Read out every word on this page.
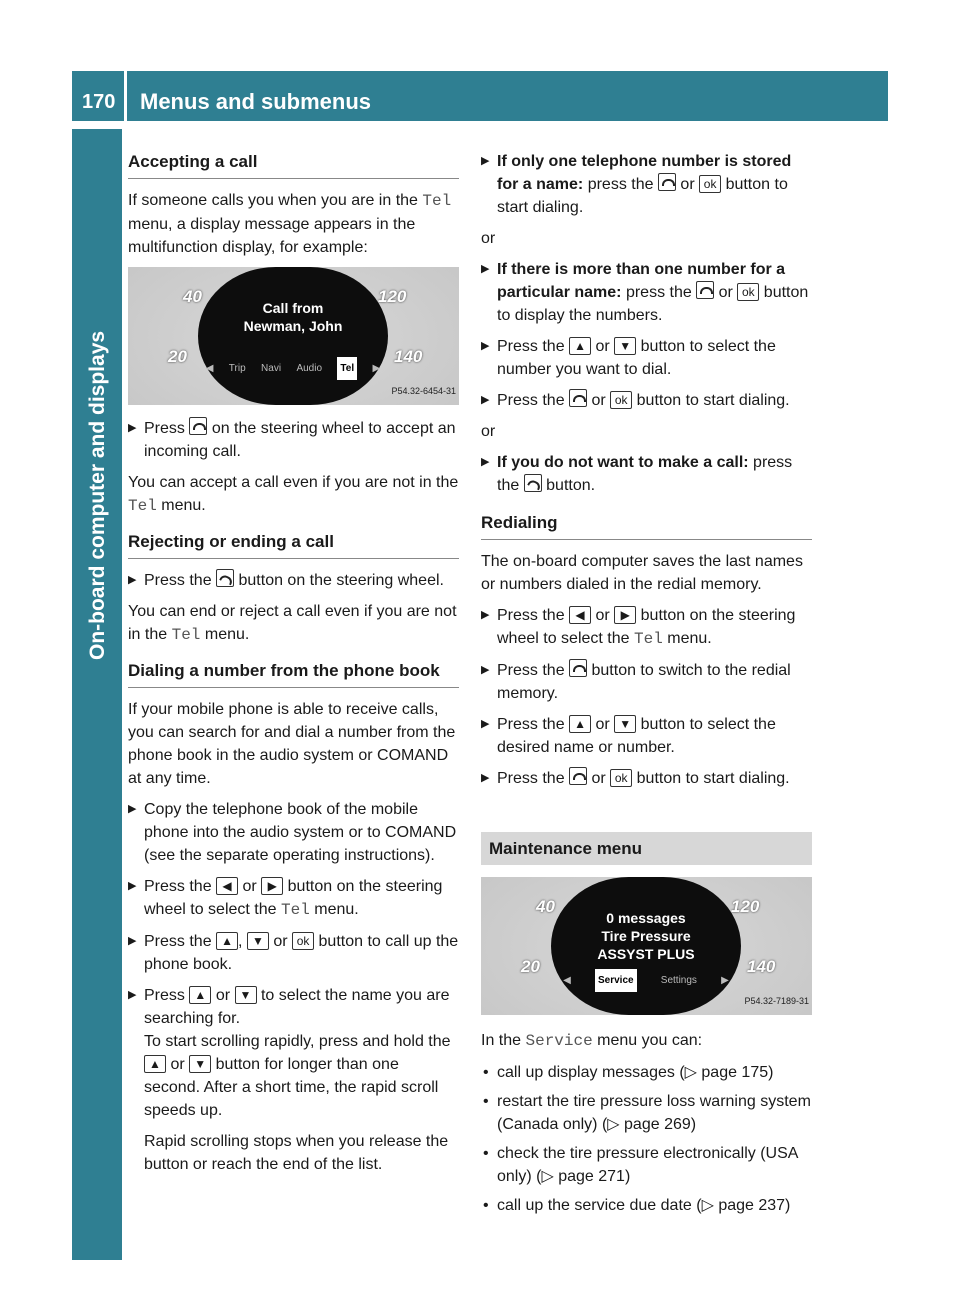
170 Menus and submenus
On-board computer and displays
Accepting a call

If someone calls you when you are in the Tel menu, a display message appears in the multifunction display, for example:

40	120
20	140
Call from
Newman, John
◀ Trip Navi Audio	Tel	▶
P54.32-6454-31
▶ Press on the steering wheel to accept an incoming call.

You can accept a call even if you are not in the Tel menu.

Rejecting or ending a call
▶ Press the button on the steering wheel.

You can end or reject a call even if you are not in the Tel menu.

Dialing a number from the phone book

If your mobile phone is able to receive calls, you can search for and dial a number from the phone book in the audio system or COMAND at any time.

▶ Copy the telephone book of the mobile phone into the audio system or to COMAND (see the separate operating instructions).
▶ Press the ◀ or ▶ button on the steering wheel to select the Tel menu.
▶ Press the ▲ , ▼ or ok button to call up the phone book.
▶ Press ▲ or ▼ to select the name you are searching for.
To start scrolling rapidly, press and hold the ▲ or ▼ button for longer than one second. After a short time, the rapid scroll speeds up.

Rapid scrolling stops when you release the button or reach the end of the list.

▶ If only one telephone number is stored for a name: press the or ok button to start dialing.

or

▶ If there is more than one number for a particular name: press the or ok button to display the numbers.
▶ Press the ▲ or ▼ button to select the number you want to dial.
▶ Press the or ok button to start dialing.

or

▶ If you do not want to make a call: press the button.
Redialing

The on-board computer saves the last names or numbers dialed in the redial memory.

▶ Press the ◀ or ▶ button on the steering wheel to select the Tel menu.
▶ Press the button to switch to the redial memory.
▶ Press the ▲ or ▼ button to select the desired name or number.
▶ Press the or ok button to start dialing.
Maintenance menu
40	120
20	140
0 messages
Tire Pressure
ASSYST PLUS
◀	Service	Settings ▶
P54.32-7189-31

In the Service menu you can:

• call up display messages (▷ page 175)
• restart the tire pressure loss warning system (Canada only) (▷ page 269)
• check the tire pressure electronically (USA only) (▷ page 271)
• call up the service due date (▷ page 237)
